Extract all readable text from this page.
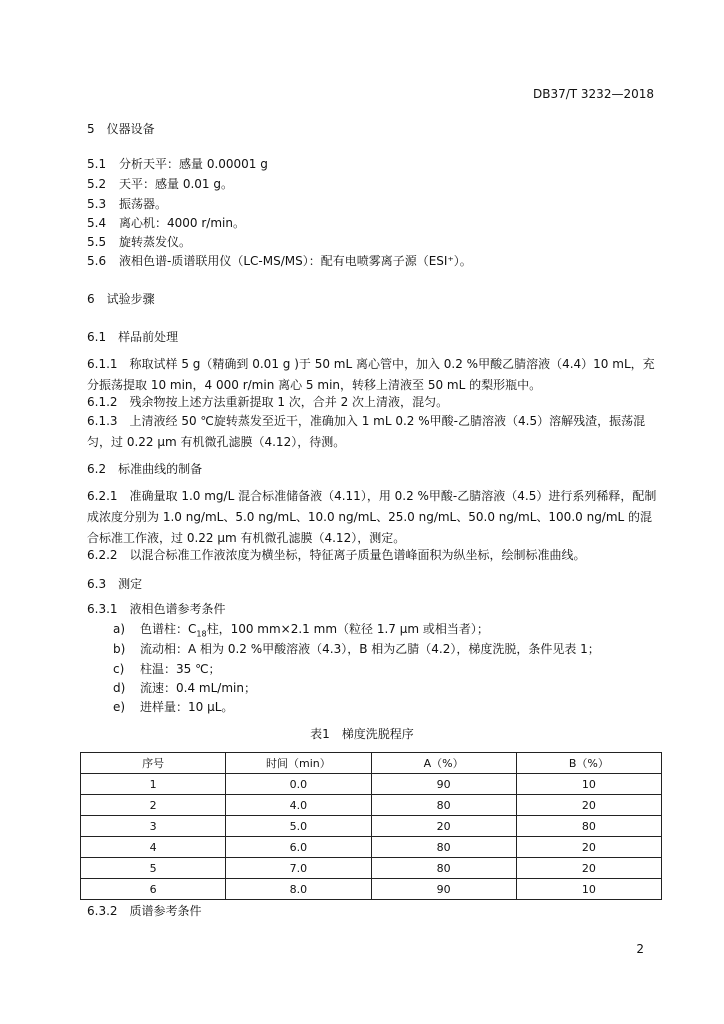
DB37/T 3232—2018
5　仪器设备
5.1 分析天平：感量 0.00001 g
5.2 天平：感量 0.01 g。
5.3 振荡器。
5.4 离心机：4000 r/min。
5.5 旋转蒸发仪。
5.6 液相色谱-质谱联用仪（LC-MS/MS）：配有电喷雾离子源（ESI⁺）。
6　试验步骤
6.1　样品前处理
6.1.1　称取试样 5 g（精确到 0.01 g )于 50 mL 离心管中，加入 0.2 %甲酸乙腈溶液（4.4）10 mL，充分振荡提取 10 min，4 000 r/min 离心 5 min，转移上清液至 50 mL 的梨形瓶中。
6.1.2　残余物按上述方法重新提取 1 次，合并 2 次上清液，混匀。
6.1.3　上清液经 50 ℃旋转蒸发至近干，准确加入 1 mL 0.2 %甲酸-乙腈溶液（4.5）溶解残渣，振荡混匀，过 0.22 μm 有机微孔滤膜（4.12），待测。
6.2　标准曲线的制备
6.2.1　准确量取 1.0 mg/L 混合标准储备液（4.11），用 0.2 %甲酸-乙腈溶液（4.5）进行系列稀释，配制成浓度分别为 1.0 ng/mL、5.0 ng/mL、10.0 ng/mL、25.0 ng/mL、50.0 ng/mL、100.0 ng/mL 的混合标准工作液，过 0.22 μm 有机微孔滤膜（4.12），测定。
6.2.2　以混合标准工作液浓度为横坐标，特征离子质量色谱峰面积为纵坐标，绘制标准曲线。
6.3　测定
6.3.1　液相色谱参考条件
a) 色谱柱：$C_{18}$柱，100 mm×2.1 mm（粒径 1.7 μm 或相当者）；
b) 流动相：A 相为 0.2 %甲酸溶液（4.3），B 相为乙腈（4.2），梯度洗脱，条件见表 1；
c) 柱温：35 ℃；
d) 流速：0.4 mL/min；
e) 进样量：10 μL。
表1　梯度洗脱程序
序号	时间（min）	A（%）	B（%）
1	0.0	90	10
2	4.0	80	20
3	5.0	20	80
4	6.0	80	20
5	7.0	80	20
6	8.0	90	10
6.3.2　质谱参考条件
2
